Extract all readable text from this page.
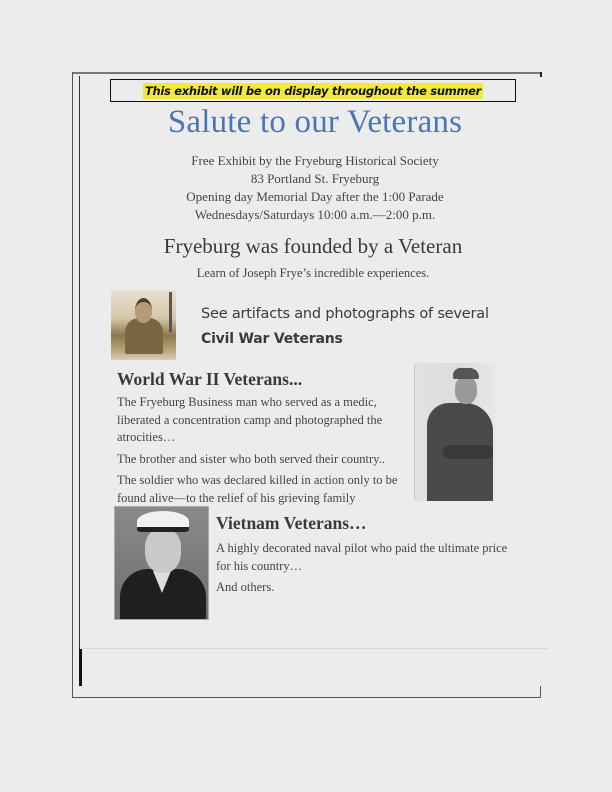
This exhibit will be on display throughout the summer
Salute to our Veterans
Free Exhibit by the Fryeburg Historical Society
83 Portland St. Fryeburg
Opening day Memorial Day after the 1:00 Parade
Wednesdays/Saturdays 10:00 a.m.—2:00 p.m.
Fryeburg was founded by a Veteran
Learn of Joseph Frye’s incredible experiences.
See artifacts and photographs of several
Civil War Veterans
World War II Veterans...

The Fryeburg Business man who served as a medic, liberated a concentration camp and photographed the atrocities…

The brother and sister who both served their country..

The soldier who was declared killed in action only to be found alive—to the relief of his grieving family

Vietnam Veterans…

A highly decorated naval pilot who paid the ultimate price for his country…

And others.
